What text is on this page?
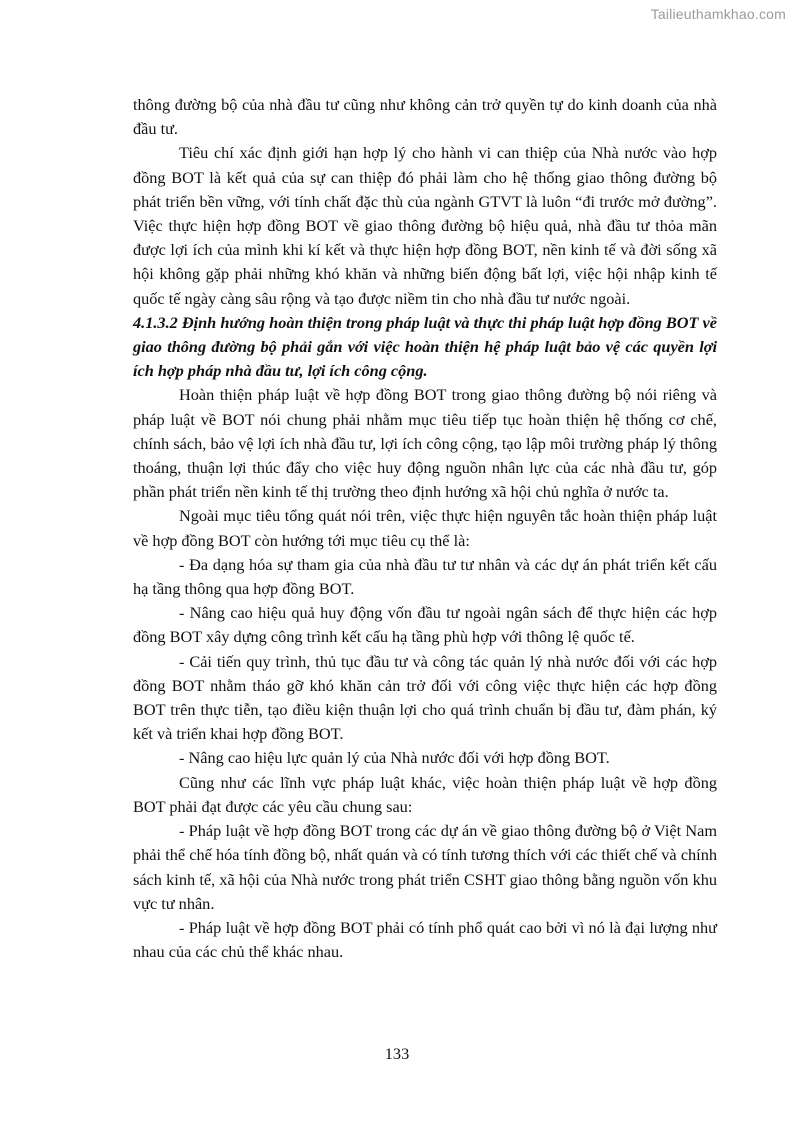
Tailieuthamkhao.com

thông đường bộ của nhà đầu tư cũng như không cản trở quyền tự do kinh doanh của nhà đầu tư.

Tiêu chí xác định giới hạn hợp lý cho hành vi can thiệp của Nhà nước vào hợp đồng BOT là kết quả của sự can thiệp đó phải làm cho hệ thống giao thông đường bộ phát triển bền vững, với tính chất đặc thù của ngành GTVT là luôn “đi trước mở đường”. Việc thực hiện hợp đồng BOT về giao thông đường bộ hiệu quả, nhà đầu tư thỏa mãn được lợi ích của mình khi kí kết và thực hiện hợp đồng BOT, nền kinh tế và đời sống xã hội không gặp phải những khó khăn và những biến động bất lợi, việc hội nhập kinh tế quốc tế ngày càng sâu rộng và tạo được niềm tin cho nhà đầu tư nước ngoài.

4.1.3.2 Định hướng hoàn thiện trong pháp luật và thực thi pháp luật hợp đồng BOT về giao thông đường bộ phải gắn với việc hoàn thiện hệ pháp luật bảo vệ các quyền lợi ích hợp pháp nhà đầu tư, lợi ích công cộng.

Hoàn thiện pháp luật về hợp đồng BOT trong giao thông đường bộ nói riêng và pháp luật về BOT nói chung phải nhằm mục tiêu tiếp tục hoàn thiện hệ thống cơ chế, chính sách, bảo vệ lợi ích nhà đầu tư, lợi ích công cộng, tạo lập môi trường pháp lý thông thoáng, thuận lợi thúc đẩy cho việc huy động nguồn nhân lực của các nhà đầu tư, góp phần phát triển nền kinh tế thị trường theo định hướng xã hội chủ nghĩa ở nước ta.

Ngoài mục tiêu tổng quát nói trên, việc thực hiện nguyên tắc hoàn thiện pháp luật về hợp đồng BOT còn hướng tới mục tiêu cụ thể là:

- Đa dạng hóa sự tham gia của nhà đầu tư tư nhân và các dự án phát triển kết cấu hạ tầng thông qua hợp đồng BOT.

- Nâng cao hiệu quả huy động vốn đầu tư ngoài ngân sách để thực hiện các hợp đồng BOT xây dựng công trình kết cấu hạ tầng phù hợp với thông lệ quốc tế.

- Cải tiến quy trình, thủ tục đầu tư và công tác quản lý nhà nước đối với các hợp đồng BOT nhằm tháo gỡ khó khăn cản trở đối với công việc thực hiện các hợp đồng BOT trên thực tiễn, tạo điều kiện thuận lợi cho quá trình chuẩn bị đầu tư, đàm phán, ký kết và triển khai hợp đồng BOT.

- Nâng cao hiệu lực quản lý của Nhà nước đối với hợp đồng BOT.

Cũng như các lĩnh vực pháp luật khác, việc hoàn thiện pháp luật về hợp đồng BOT phải đạt được các yêu cầu chung sau:

- Pháp luật về hợp đồng BOT trong các dự án về giao thông đường bộ ở Việt Nam phải thể chế hóa tính đồng bộ, nhất quán và có tính tương thích với các thiết chế và chính sách kinh tế, xã hội của Nhà nước trong phát triển CSHT giao thông bằng nguồn vốn khu vực tư nhân.

- Pháp luật về hợp đồng BOT phải có tính phổ quát cao bởi vì nó là đại lượng như nhau của các chủ thể khác nhau.

133
